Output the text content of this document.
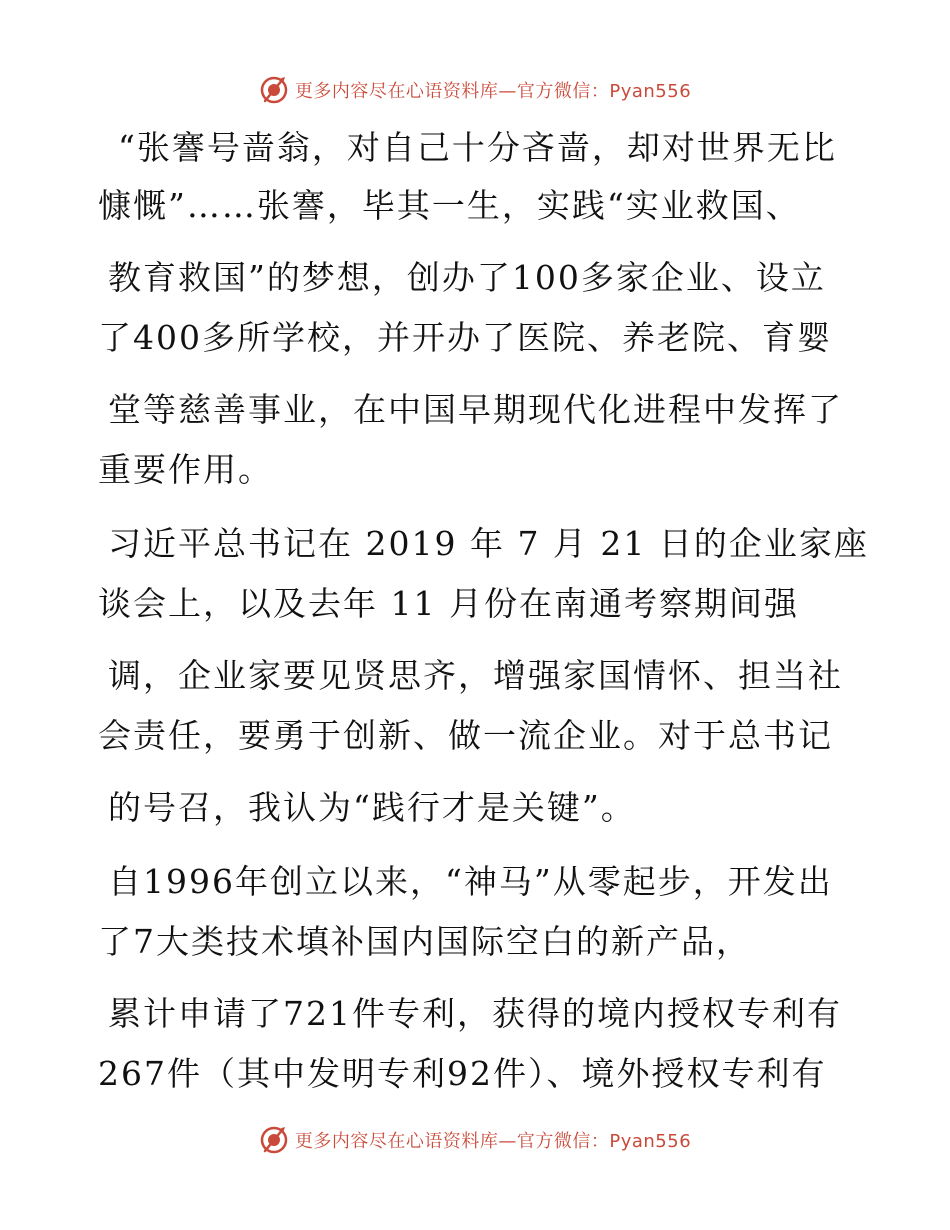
更多内容尽在心语资料库—官方微信：Pyan556
“张謇号啬翁，对自己十分吝啬，却对世界无比
慷慨”……张謇，毕其一生，实践“实业救国、
教育救国”的梦想，创办了100多家企业、设立
了400多所学校，并开办了医院、养老院、育婴
堂等慈善事业，在中国早期现代化进程中发挥了
重要作用。
习近平总书记在 2019 年 7 月 21 日的企业家座
谈会上，以及去年 11 月份在南通考察期间强
调，企业家要见贤思齐，增强家国情怀、担当社
会责任，要勇于创新、做一流企业。对于总书记
的号召，我认为“践行才是关键”。
自1996年创立以来，“神马”从零起步，开发出
了7大类技术填补国内国际空白的新产品，
累计申请了721件专利，获得的境内授权专利有
267件（其中发明专利92件）、境外授权专利有
更多内容尽在心语资料库—官方微信：Pyan556
